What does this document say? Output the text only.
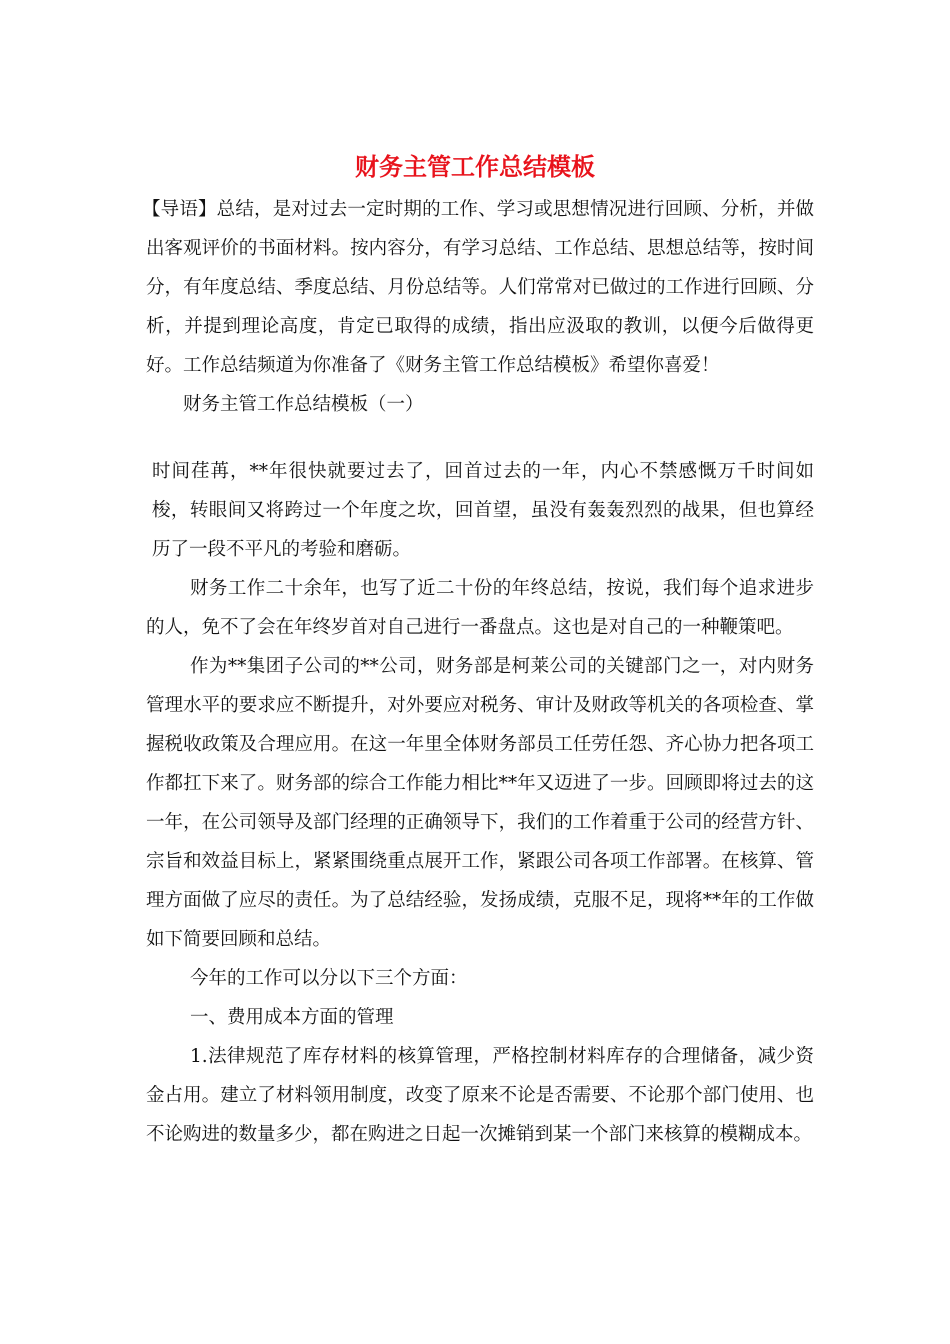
财务主管工作总结模板

【导语】总结，是对过去一定时期的工作、学习或思想情况进行回顾、分析，并做出客观评价的书面材料。按内容分，有学习总结、工作总结、思想总结等，按时间分，有年度总结、季度总结、月份总结等。人们常常对已做过的工作进行回顾、分析，并提到理论高度，肯定已取得的成绩，指出应汲取的教训，以便今后做得更好。工作总结频道为你准备了《财务主管工作总结模板》希望你喜爱！

财务主管工作总结模板（一）

时间荏苒，**年很快就要过去了，回首过去的一年，内心不禁感慨万千时间如梭，转眼间又将跨过一个年度之坎，回首望，虽没有轰轰烈烈的战果，但也算经历了一段不平凡的考验和磨砺。

财务工作二十余年，也写了近二十份的年终总结，按说，我们每个追求进步的人，免不了会在年终岁首对自己进行一番盘点。这也是对自己的一种鞭策吧。

作为**集团子公司的**公司，财务部是柯莱公司的关键部门之一，对内财务管理水平的要求应不断提升，对外要应对税务、审计及财政等机关的各项检查、掌握税收政策及合理应用。在这一年里全体财务部员工任劳任怨、齐心协力把各项工作都扛下来了。财务部的综合工作能力相比**年又迈进了一步。回顾即将过去的这一年，在公司领导及部门经理的正确领导下，我们的工作着重于公司的经营方针、宗旨和效益目标上，紧紧围绕重点展开工作，紧跟公司各项工作部署。在核算、管理方面做了应尽的责任。为了总结经验，发扬成绩，克服不足，现将**年的工作做如下简要回顾和总结。

今年的工作可以分以下三个方面：

一、费用成本方面的管理

1.法律规范了库存材料的核算管理，严格控制材料库存的合理储备，减少资金占用。建立了材料领用制度，改变了原来不论是否需要、不论那个部门使用、也不论购进的数量多少，都在购进之日起一次摊销到某一个部门来核算的模糊成本。
